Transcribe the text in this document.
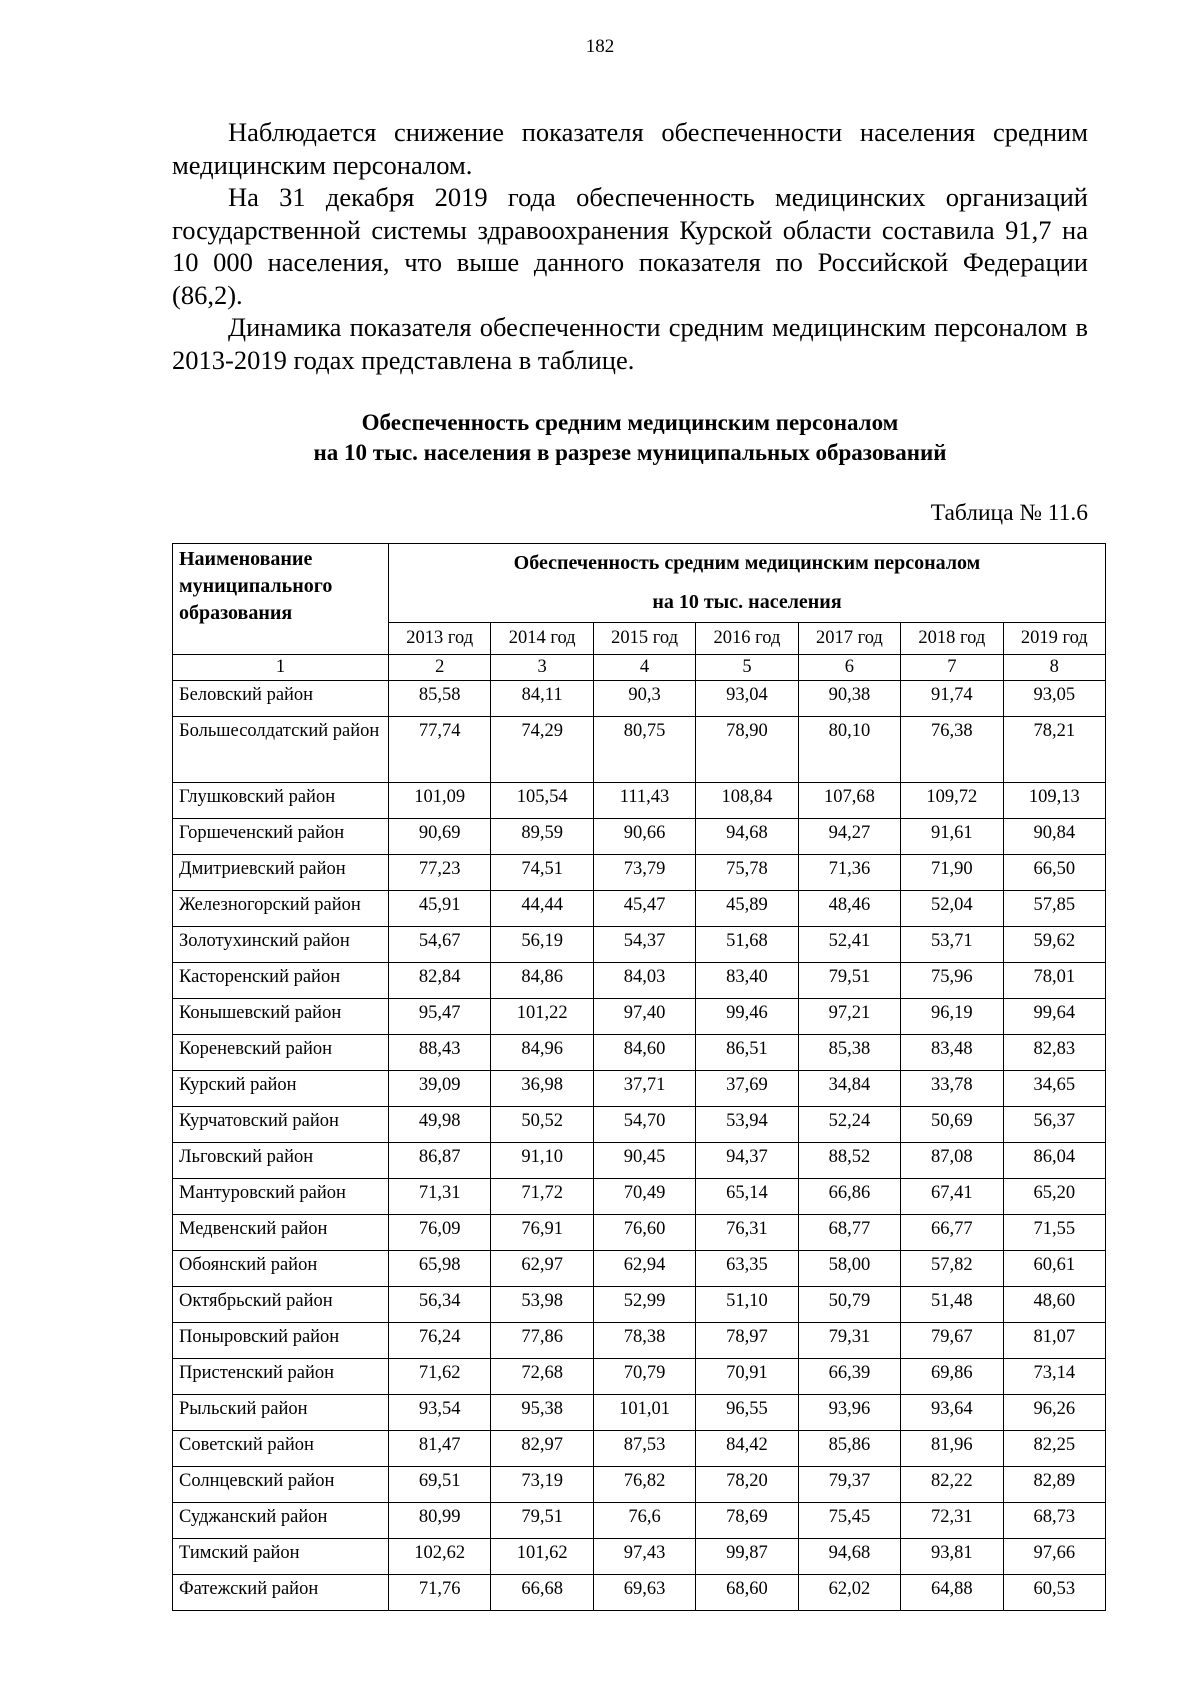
182

Наблюдается снижение показателя обеспеченности населения средним медицинским персоналом.

На 31 декабря 2019 года обеспеченность медицинских организаций государственной системы здравоохранения Курской области составила 91,7 на 10 000 населения, что выше данного показателя по Российской Федерации (86,2).

Динамика показателя обеспеченности средним медицинским персоналом в 2013-2019 годах представлена в таблице.

Обеспеченность средним медицинским персоналом
на 10 тыс. населения в разрезе муниципальных образований
Таблица № 11.6
Наименование муниципального образования	Обеспеченность средним медицинским персоналом
на 10 тыс. населения						

	2013 год	2014 год	2015 год	2016 год	2017 год	2018 год	2019 год
1	2	3	4	5	6	7	8
Беловский район	85,58	84,11	90,3	93,04	90,38	91,74	93,05
Большесолдатский район	77,74	74,29	80,75	78,90	80,10	76,38	78,21
Глушковский район	101,09	105,54	111,43	108,84	107,68	109,72	109,13
Горшеченский район	90,69	89,59	90,66	94,68	94,27	91,61	90,84
Дмитриевский район	77,23	74,51	73,79	75,78	71,36	71,90	66,50
Железногорский район	45,91	44,44	45,47	45,89	48,46	52,04	57,85
Золотухинский район	54,67	56,19	54,37	51,68	52,41	53,71	59,62
Касторенский район	82,84	84,86	84,03	83,40	79,51	75,96	78,01
Конышевский район	95,47	101,22	97,40	99,46	97,21	96,19	99,64
Кореневский район	88,43	84,96	84,60	86,51	85,38	83,48	82,83
Курский район	39,09	36,98	37,71	37,69	34,84	33,78	34,65
Курчатовский район	49,98	50,52	54,70	53,94	52,24	50,69	56,37
Льговский район	86,87	91,10	90,45	94,37	88,52	87,08	86,04
Мантуровский район	71,31	71,72	70,49	65,14	66,86	67,41	65,20
Медвенский район	76,09	76,91	76,60	76,31	68,77	66,77	71,55
Обоянский район	65,98	62,97	62,94	63,35	58,00	57,82	60,61
Октябрьский район	56,34	53,98	52,99	51,10	50,79	51,48	48,60
Поныровский район	76,24	77,86	78,38	78,97	79,31	79,67	81,07
Пристенский район	71,62	72,68	70,79	70,91	66,39	69,86	73,14
Рыльский район	93,54	95,38	101,01	96,55	93,96	93,64	96,26
Советский район	81,47	82,97	87,53	84,42	85,86	81,96	82,25
Солнцевский район	69,51	73,19	76,82	78,20	79,37	82,22	82,89
Суджанский район	80,99	79,51	76,6	78,69	75,45	72,31	68,73
Тимский район	102,62	101,62	97,43	99,87	94,68	93,81	97,66
Фатежский район	71,76	66,68	69,63	68,60	62,02	64,88	60,53
